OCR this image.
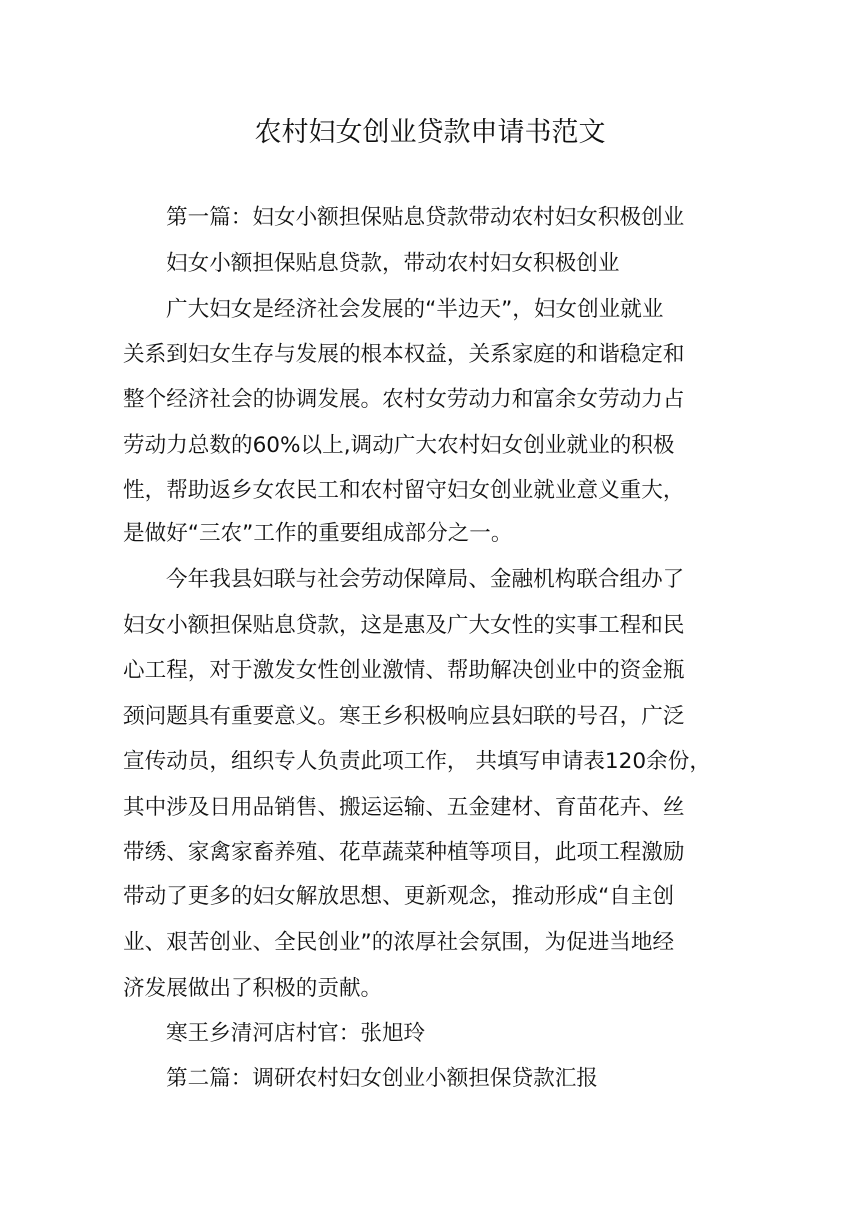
农村妇女创业贷款申请书范文
第一篇：妇女小额担保贴息贷款带动农村妇女积极创业
妇女小额担保贴息贷款，带动农村妇女积极创业
广大妇女是经济社会发展的“半边天”，妇女创业就业
关系到妇女生存与发展的根本权益，关系家庭的和谐稳定和
整个经济社会的协调发展。农村女劳动力和富余女劳动力占
劳动力总数的60%以上,调动广大农村妇女创业就业的积极
性，帮助返乡女农民工和农村留守妇女创业就业意义重大，
是做好“三农”工作的重要组成部分之一。
今年我县妇联与社会劳动保障局、金融机构联合组办了
妇女小额担保贴息贷款，这是惠及广大女性的实事工程和民
心工程，对于激发女性创业激情、帮助解决创业中的资金瓶
颈问题具有重要意义。寒王乡积极响应县妇联的号召，广泛
宣传动员，组织专人负责此项工作， 共填写申请表120余份，
其中涉及日用品销售、搬运运输、五金建材、育苗花卉、丝
带绣、家禽家畜养殖、花草蔬菜种植等项目，此项工程激励
带动了更多的妇女解放思想、更新观念，推动形成“自主创
业、艰苦创业、全民创业”的浓厚社会氛围，为促进当地经
济发展做出了积极的贡献。
寒王乡清河店村官：张旭玲
第二篇：调研农村妇女创业小额担保贷款汇报
